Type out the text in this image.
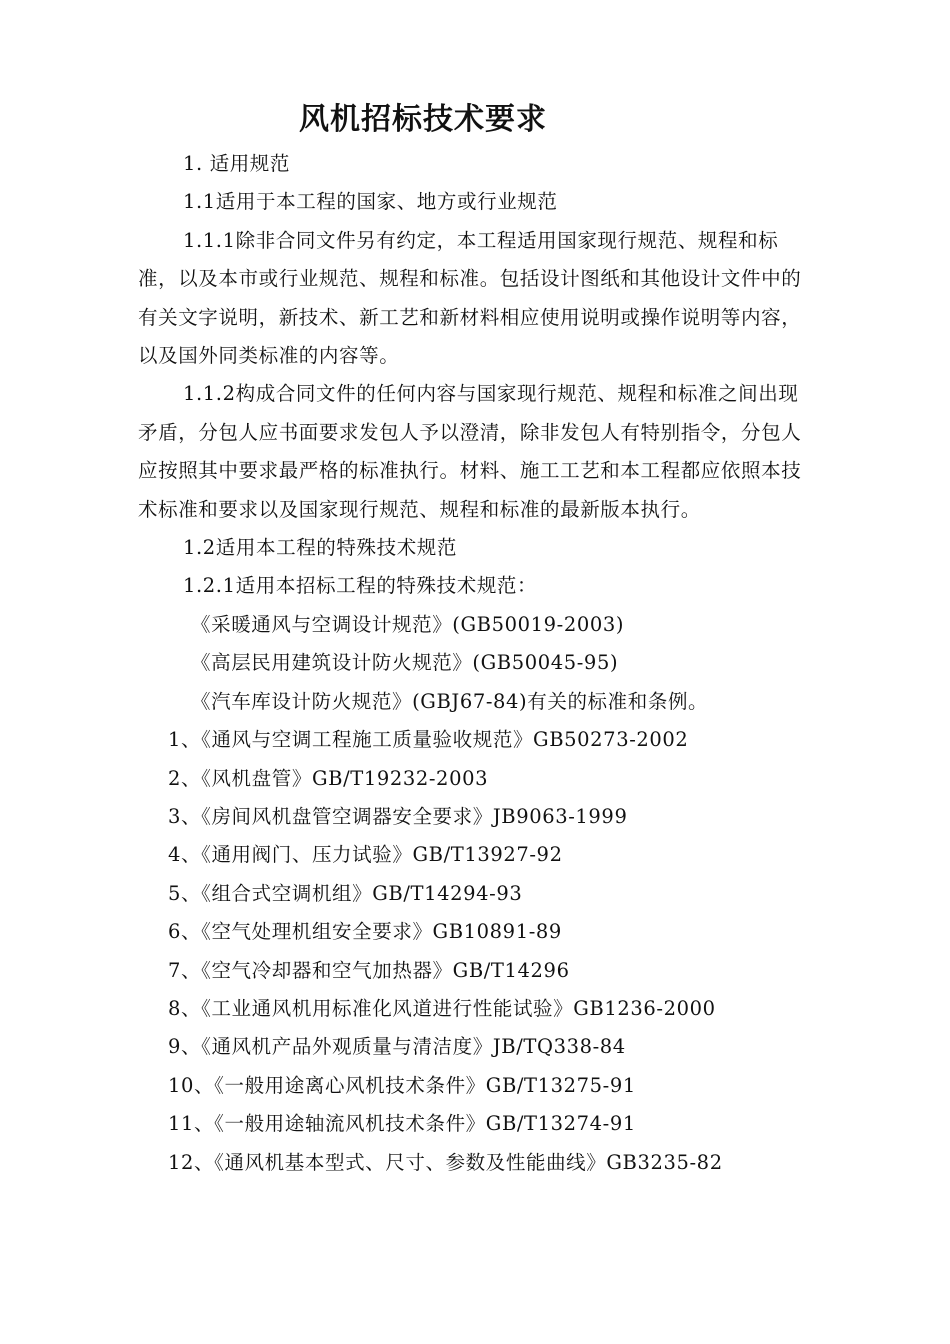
风机招标技术要求

1. 适用规范

1.1适用于本工程的国家、地方或行业规范

1.1.1除非合同文件另有约定，本工程适用国家现行规范、规程和标准，以及本市或行业规范、规程和标准。包括设计图纸和其他设计文件中的有关文字说明，新技术、新工艺和新材料相应使用说明或操作说明等内容，以及国外同类标准的内容等。

1.1.2构成合同文件的任何内容与国家现行规范、规程和标准之间出现矛盾，分包人应书面要求发包人予以澄清，除非发包人有特别指令，分包人应按照其中要求最严格的标准执行。材料、施工工艺和本工程都应依照本技术标准和要求以及国家现行规范、规程和标准的最新版本执行。

1.2适用本工程的特殊技术规范

1.2.1适用本招标工程的特殊技术规范：

《采暖通风与空调设计规范》(GB50019-2003)

《高层民用建筑设计防火规范》(GB50045-95)

《汽车库设计防火规范》(GBJ67-84)有关的标准和条例。

1、《通风与空调工程施工质量验收规范》GB50273-2002

2、《风机盘管》GB/T19232-2003

3、《房间风机盘管空调器安全要求》JB9063-1999

4、《通用阀门、压力试验》GB/T13927-92

5、《组合式空调机组》GB/T14294-93

6、《空气处理机组安全要求》GB10891-89

7、《空气冷却器和空气加热器》GB/T14296

8、《工业通风机用标准化风道进行性能试验》GB1236-2000

9、《通风机产品外观质量与清洁度》JB/TQ338-84

10、《一般用途离心风机技术条件》GB/T13275-91

11、《一般用途轴流风机技术条件》GB/T13274-91

12、《通风机基本型式、尺寸、参数及性能曲线》GB3235-82
